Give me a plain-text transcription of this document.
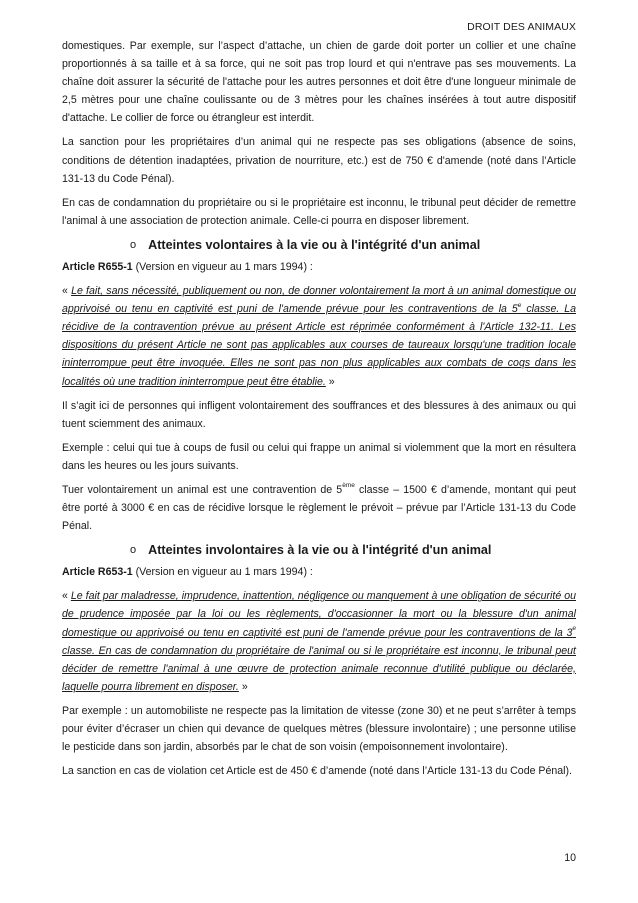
DROIT DES ANIMAUX

domestiques. Par exemple, sur l’aspect d’attache, un chien de garde doit porter un collier et une chaîne proportionnés à sa taille et à sa force, qui ne soit pas trop lourd et qui n'entrave pas ses mouvements. La chaîne doit assurer la sécurité de l'attache pour les autres personnes et doit être d'une longueur minimale de 2,5 mètres pour une chaîne coulissante ou de 3 mètres pour les chaînes insérées à tout autre dispositif d'attache. Le collier de force ou étrangleur est interdit.

La sanction pour les propriétaires d’un animal qui ne respecte pas ses obligations (absence de soins, conditions de détention inadaptées, privation de nourriture, etc.) est de 750 € d'amende (noté dans l’Article 131-13 du Code Pénal).

En cas de condamnation du propriétaire ou si le propriétaire est inconnu, le tribunal peut décider de remettre l'animal à une association de protection animale. Celle-ci pourra en disposer librement.

o Atteintes volontaires à la vie ou à l'intégrité d'un animal

Article R655-1 (Version en vigueur au 1 mars 1994) :

« Le fait, sans nécessité, publiquement ou non, de donner volontairement la mort à un animal domestique ou apprivoisé ou tenu en captivité est puni de l'amende prévue pour les contraventions de la 5e classe. La récidive de la contravention prévue au présent Article est réprimée conformément à l'Article 132-11. Les dispositions du présent Article ne sont pas applicables aux courses de taureaux lorsqu'une tradition locale ininterrompue peut être invoquée. Elles ne sont pas non plus applicables aux combats de coqs dans les localités où une tradition ininterrompue peut être établie. »

Il s’agit ici de personnes qui infligent volontairement des souffrances et des blessures à des animaux ou qui tuent sciemment des animaux.

Exemple : celui qui tue à coups de fusil ou celui qui frappe un animal si violemment que la mort en résultera dans les heures ou les jours suivants.

Tuer volontairement un animal est une contravention de 5ème classe – 1500 € d’amende, montant qui peut être porté à 3000 € en cas de récidive lorsque le règlement le prévoit – prévue par l’Article 131-13 du Code Pénal.

o Atteintes involontaires à la vie ou à l'intégrité d'un animal

Article R653-1 (Version en vigueur au 1 mars 1994) :

« Le fait par maladresse, imprudence, inattention, négligence ou manquement à une obligation de sécurité ou de prudence imposée par la loi ou les règlements, d'occasionner la mort ou la blessure d'un animal domestique ou apprivoisé ou tenu en captivité est puni de l'amende prévue pour les contraventions de la 3e classe. En cas de condamnation du propriétaire de l'animal ou si le propriétaire est inconnu, le tribunal peut décider de remettre l'animal à une œuvre de protection animale reconnue d'utilité publique ou déclarée, laquelle pourra librement en disposer. »

Par exemple : un automobiliste ne respecte pas la limitation de vitesse (zone 30) et ne peut s’arrêter à temps pour éviter d’écraser un chien qui devance de quelques mètres (blessure involontaire) ; une personne utilise le pesticide dans son jardin, absorbés par le chat de son voisin (empoisonnement involontaire).

La sanction en cas de violation cet Article est de 450 € d’amende (noté dans l’Article 131-13 du Code Pénal).

10
